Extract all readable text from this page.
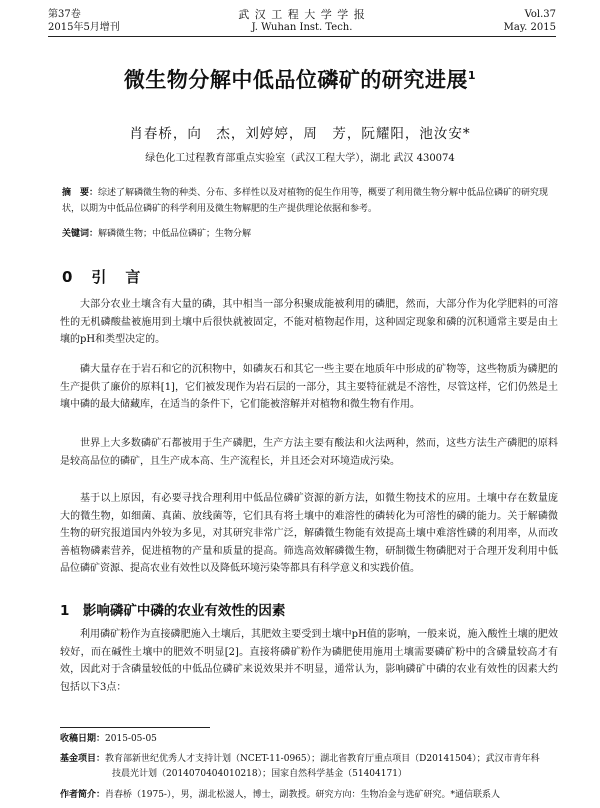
第37卷
2015年5月增刊
武 汉 工 程 大 学 学 报
J. Wuhan Inst. Tech.
Vol.37
May. 2015
微生物分解中低品位磷矿的研究进展$^1$
肖春桥，向　杰，刘婷婷，周　芳，阮耀阳，池汝安*
绿色化工过程教育部重点实验室（武汉工程大学），湖北 武汉 430074
摘　要：综述了解磷微生物的种类、分布、多样性以及对植物的促生作用等，概要了利用微生物分解中低品位磷矿的研究现状，以期为中低品位磷矿的科学利用及微生物解肥的生产提供理论依据和参考。
关键词：解磷微生物；中低品位磷矿；生物分解
0　引　言

大部分农业土壤含有大量的磷，其中相当一部分积聚成能被利用的磷肥，然而，大部分作为化学肥料的可溶性的无机磷酸盐被施用到土壤中后很快就被固定，不能对植物起作用，这种固定现象和磷的沉积通常主要是由土壤的pH和类型决定的。

磷大量存在于岩石和它的沉积物中，如磷灰石和其它一些主要在地质年中形成的矿物等，这些物质为磷肥的生产提供了廉价的原料[1]，它们被发现作为岩石层的一部分，其主要特征就是不溶性，尽管这样，它们仍然是土壤中磷的最大储藏库，在适当的条件下，它们能被溶解并对植物和微生物有作用。

世界上大多数磷矿石都被用于生产磷肥，生产方法主要有酸法和火法两种，然而，这些方法生产磷肥的原料是较高品位的磷矿，且生产成本高、生产流程长，并且还会对环境造成污染。

基于以上原因，有必要寻找合理利用中低品位磷矿资源的新方法，如微生物技术的应用。土壤中存在数量庞大的微生物，如细菌、真菌、放线菌等，它们具有将土壤中的难溶性的磷转化为可溶性的磷的能力。关于解磷微生物的研究报道国内外较为多见，对其研究非常广泛，解磷微生物能有效提高土壤中难溶性磷的利用率，从而改善植物磷素营养，促进植物的产量和质量的提高。筛选高效解磷微生物，研制微生物磷肥对于合理开发利用中低品位磷矿资源、提高农业有效性以及降低环境污染等都具有科学意义和实践价值。

1　影响磷矿中磷的农业有效性的因素

利用磷矿粉作为直接磷肥施入土壤后，其肥效主要受到土壤中pH值的影响，一般来说，施入酸性土壤的肥效较好，而在碱性土壤中的肥效不明显[2]。直接将磷矿粉作为磷肥使用施用土壤需要磷矿粉中的含磷量较高才有效，因此对于含磷量较低的中低品位磷矿来说效果并不明显，通常认为，影响磷矿中磷的农业有效性的因素大约包括以下3点：

收稿日期：2015-05-05
基金项目：教育部新世纪优秀人才支持计划（NCET-11-0965）；湖北省教育厅重点项目（D20141504）；武汉市青年科
技晨光计划（2014070404010218）；国家自然科学基金（51404171）
作者简介：肖春桥（1975-），男，湖北松滋人，博士，副教授。研究方向：生物冶金与选矿研究。*通信联系人
